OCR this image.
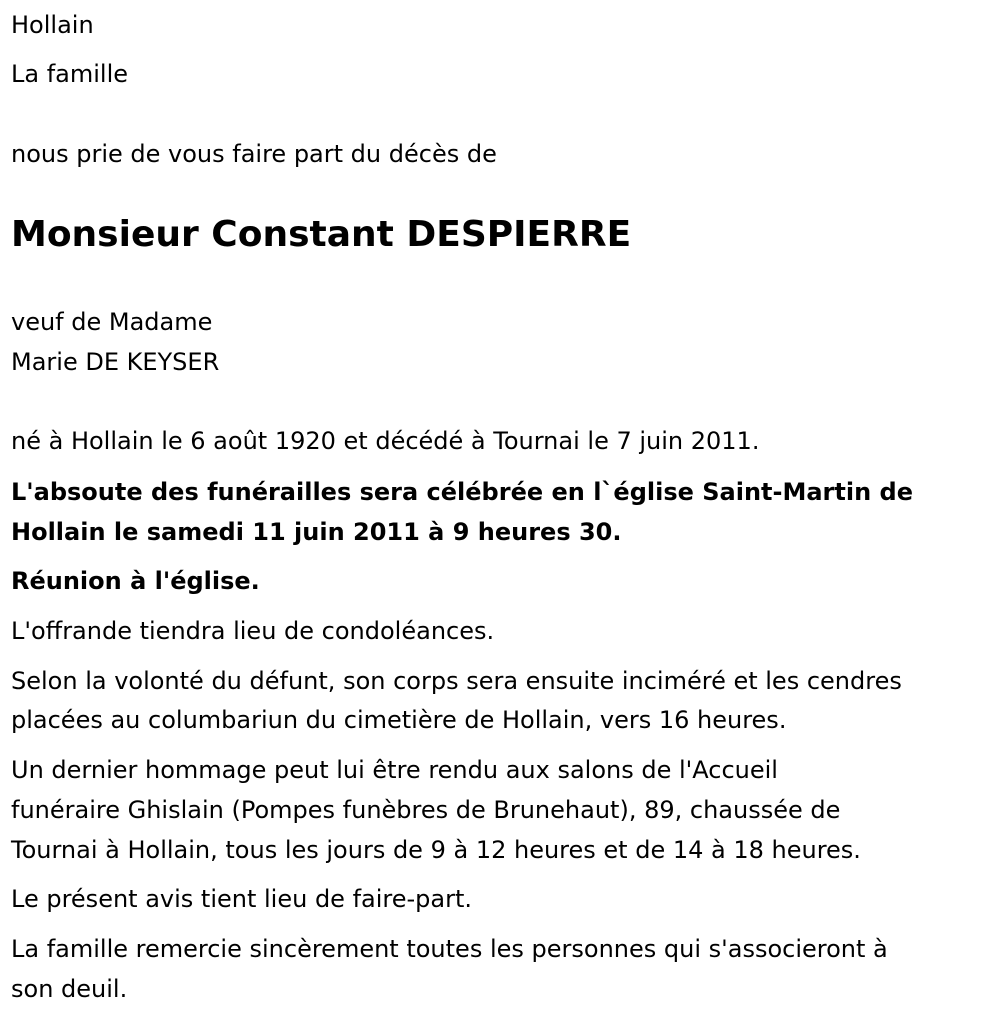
Hollain

La famille

nous prie de vous faire part du décès de

Monsieur Constant DESPIERRE

veuf de Madame

Marie DE KEYSER

né à Hollain le 6 août 1920 et décédé à Tournai le 7 juin 2011.

L'absoute des funérailles sera célébrée en l`église Saint-Martin de

Hollain le samedi 11 juin 2011 à 9 heures 30.

Réunion à l'église.

L'offrande tiendra lieu de condoléances.

Selon la volonté du défunt, son corps sera ensuite inciméré et les cendres

placées au columbariun du cimetière de Hollain, vers 16 heures.

Un dernier hommage peut lui être rendu aux salons de l'Accueil

funéraire Ghislain (Pompes funèbres de Brunehaut), 89, chaussée de

Tournai à Hollain, tous les jours de 9 à 12 heures et de 14 à 18 heures.

Le présent avis tient lieu de faire-part.

La famille remercie sincèrement toutes les personnes qui s'associeront à

son deuil.
